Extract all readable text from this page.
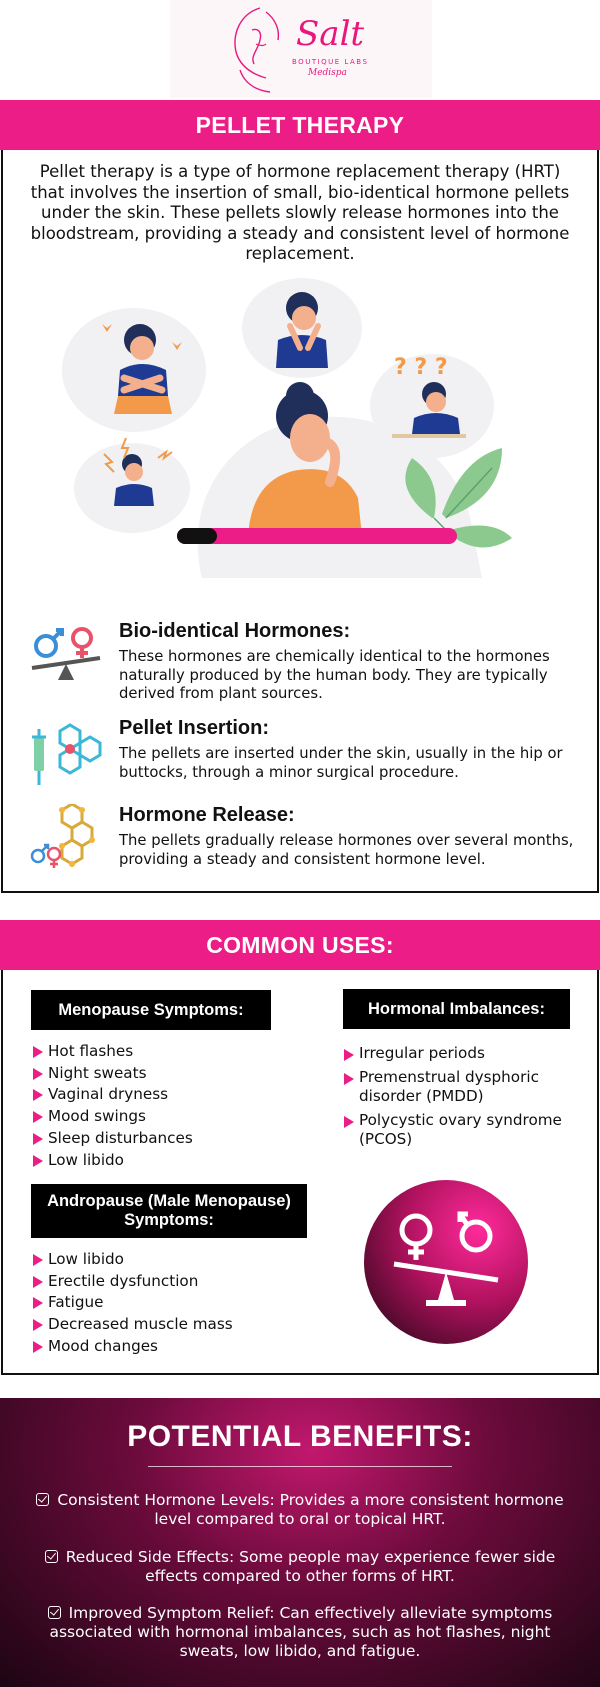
Salt
BOUTIQUE LABS
Medispa
PELLET THERAPY
Pellet therapy is a type of hormone replacement therapy (HRT) that involves the insertion of small, bio-identical hormone pellets under the skin. These pellets slowly release hormones into the bloodstream, providing a steady and consistent level of hormone replacement.
? ? ?
Bio-identical Hormones:
These hormones are chemically identical to the hormones naturally produced by the human body. They are typically derived from plant sources.
Pellet Insertion:
The pellets are inserted under the skin, usually in the hip or buttocks, through a minor surgical procedure.
Hormone Release:
The pellets gradually release hormones over several months, providing a steady and consistent hormone level.
COMMON USES:
Menopause Symptoms:
Hot flashes
Night sweats
Vaginal dryness
Mood swings
Sleep disturbances
Low libido
Hormonal Imbalances:
Irregular periods
Premenstrual dysphoric disorder (PMDD)
Polycystic ovary syndrome (PCOS)
Andropause (Male Menopause) Symptoms:
Low libido
Erectile dysfunction
Fatigue
Decreased muscle mass
Mood changes
POTENTIAL BENEFITS:
Consistent Hormone Levels: Provides a more consistent hormone level compared to oral or topical HRT.
Reduced Side Effects: Some people may experience fewer side effects compared to other forms of HRT.
Improved Symptom Relief: Can effectively alleviate symptoms associated with hormonal imbalances, such as hot flashes, night sweats, low libido, and fatigue.
